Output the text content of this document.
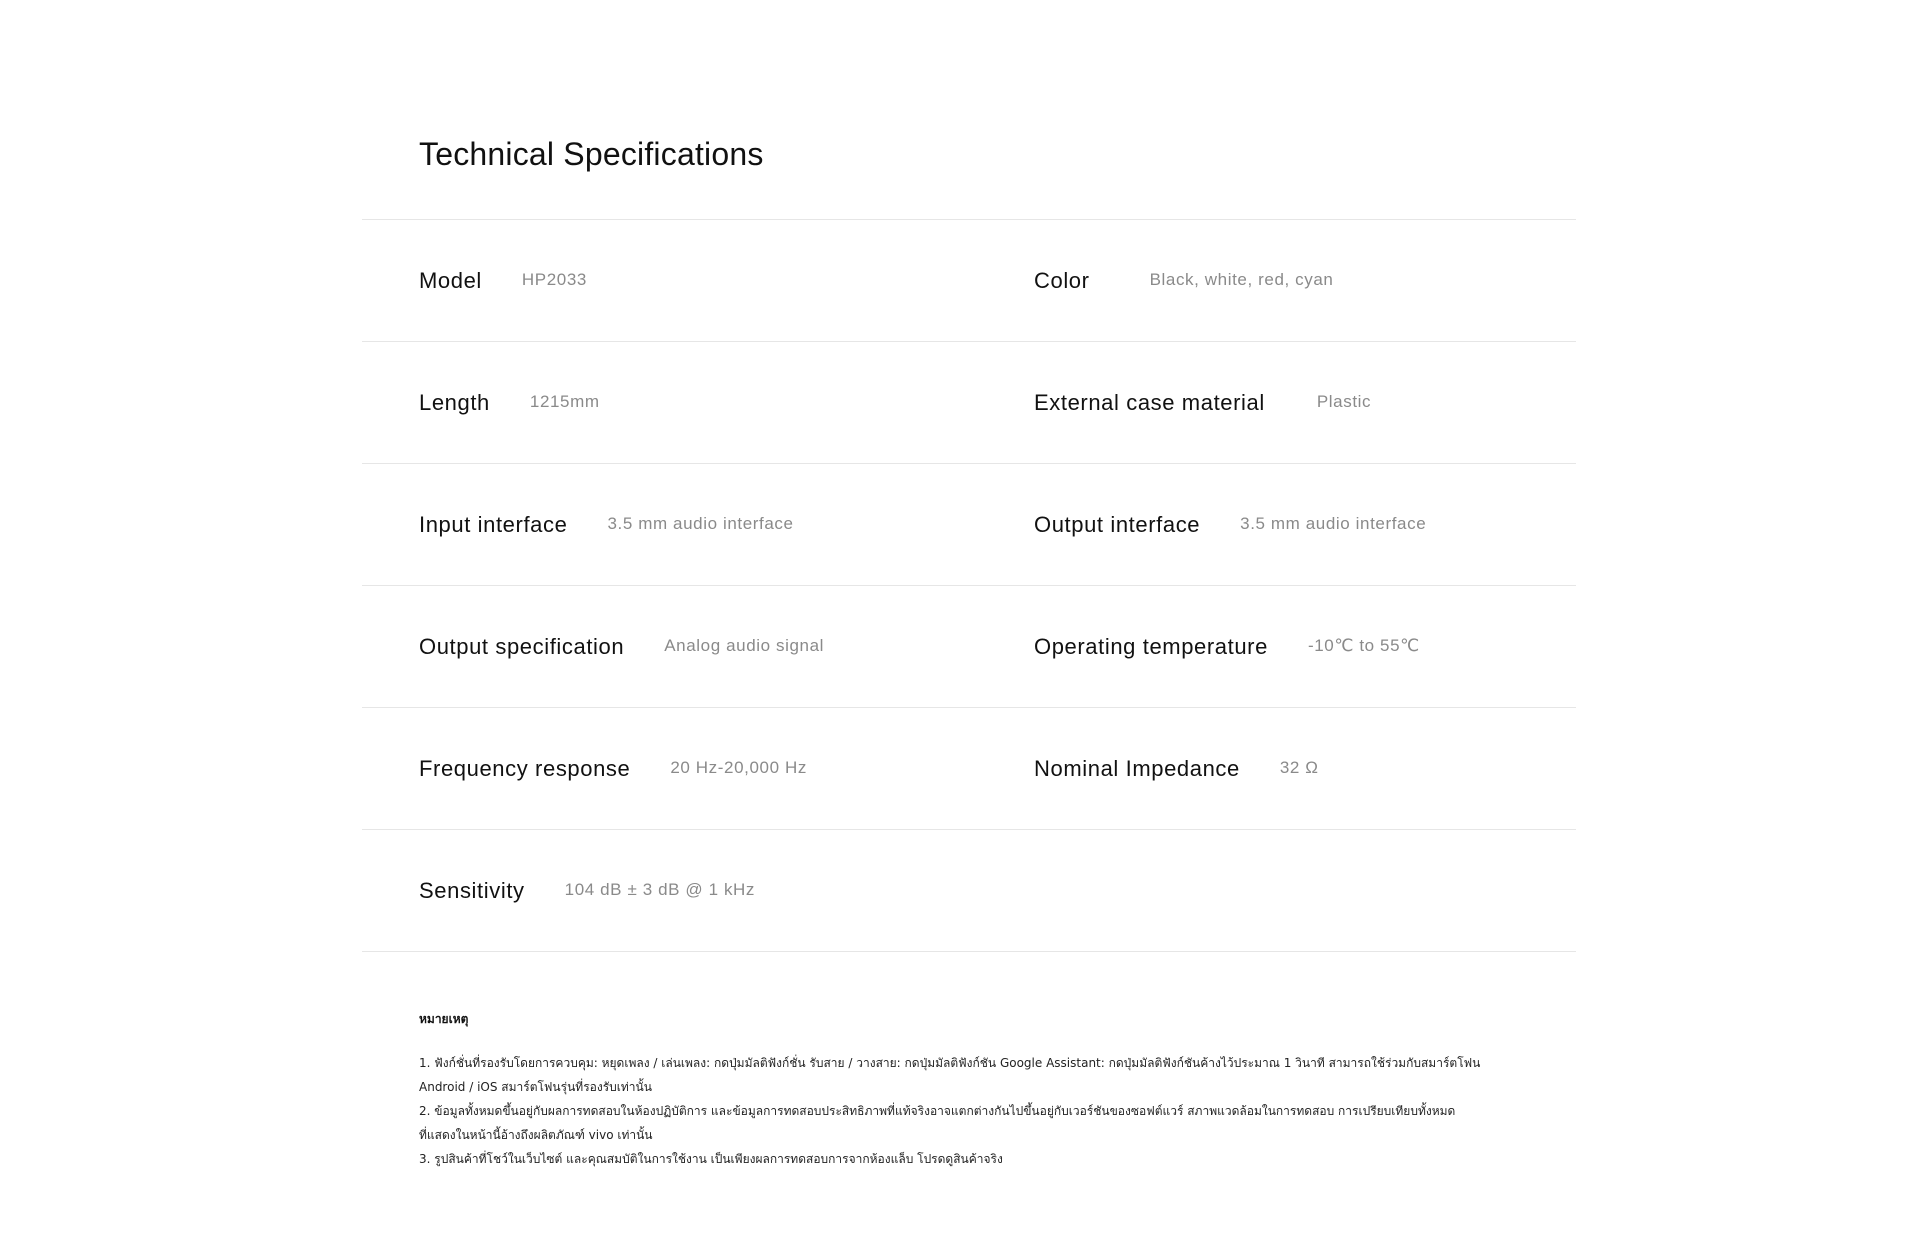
Technical Specifications
Model HP2033	Color	Black, white, red, cyan
Length 1215mm	External case material	Plastic
Input interface 3.5 mm audio interface	Output interface 3.5 mm audio interface
Output specification Analog audio signal	Operating temperature -10℃ to 55℃
Frequency response 20 Hz-20,000 Hz	Nominal Impedance 32 Ω
Sensitivity 104 dB ± 3 dB @ 1 kHz
หมายเหตุ

1. ฟังก์ชั่นที่รองรับโดยการควบคุม: หยุดเพลง / เล่นเพลง: กดปุ่มมัลติฟังก์ชั่น รับสาย / วางสาย: กดปุ่มมัลติฟังก์ชัน Google Assistant: กดปุ่มมัลติฟังก์ชันค้างไว้ประมาณ 1 วินาที สามารถใช้ร่วมกับสมาร์ตโฟน
Android / iOS สมาร์ตโฟนรุ่นที่รองรับเท่านั้น

2. ข้อมูลทั้งหมดขึ้นอยู่กับผลการทดสอบในห้องปฏิบัติการ และข้อมูลการทดสอบประสิทธิภาพที่แท้จริงอาจแตกต่างกันไปขึ้นอยู่กับเวอร์ชันของซอฟต์แวร์ สภาพแวดล้อมในการทดสอบ การเปรียบเทียบทั้งหมด
ที่แสดงในหน้านี้อ้างถึงผลิตภัณฑ์ vivo เท่านั้น

3. รูปสินค้าที่โชว์ในเว็บไซต์ และคุณสมบัติในการใช้งาน เป็นเพียงผลการทดสอบการจากห้องแล็บ โปรดดูสินค้าจริง
